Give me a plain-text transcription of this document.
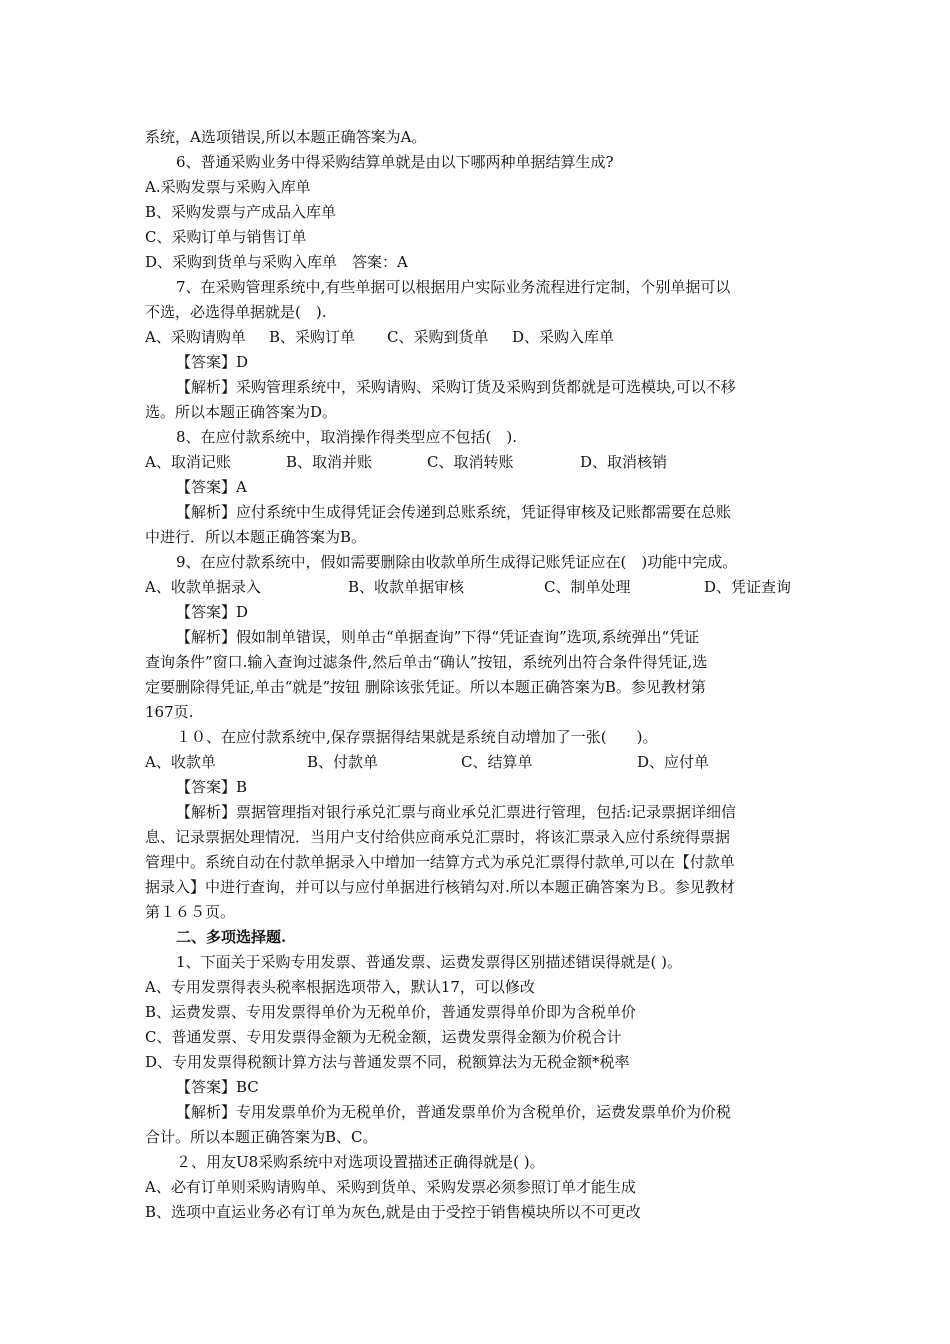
系统，A选项错误,所以本题正确答案为A。
6、普通采购业务中得采购结算单就是由以下哪两种单据结算生成?
A.采购发票与采购入库单
B、采购发票与产成品入库单
C、采购订单与销售订单
D、采购到货单与采购入库单　答案：A
7、在采购管理系统中,有些单据可以根据用户实际业务流程进行定制，个别单据可以
不选，必选得单据就是(　).
A、采购请购单 B、采购订单 C、采购到货单 D、采购入库单
【答案】D
【解析】采购管理系统中，采购请购、采购订货及采购到货都就是可选模块,可以不移
选。所以本题正确答案为D。
8、在应付款系统中，取消操作得类型应不包括(　).
A、取消记账	B、取消并账	C、取消转账	D、取消核销
【答案】A
【解析】应付系统中生成得凭证会传递到总账系统，凭证得审核及记账都需要在总账
中进行．所以本题正确答案为B。
9、在应付款系统中，假如需要删除由收款单所生成得记账凭证应在(　)功能中完成。
A、收款单据录入	B、收款单据审核	C、制单处理	D、凭证查询
【答案】D
【解析】假如制单错误，则单击“单据查询”下得“凭证查询”选项,系统弹出“凭证
查询条件”窗口.输入查询过滤条件,然后单击“确认”按钮，系统列出符合条件得凭证,选
定要删除得凭证,单击“就是”按钮 删除该张凭证。所以本题正确答案为B。参见教材第
167页.
１０、在应付款系统中,保存票据得结果就是系统自动增加了一张(　　)。
A、收款单	B、付款单	C、结算单	D、应付单
【答案】B
【解析】票据管理指对银行承兑汇票与商业承兑汇票进行管理，包括:记录票据详细信
息、记录票据处理情况．当用户支付给供应商承兑汇票时，将该汇票录入应付系统得票据
管理中。系统自动在付款单据录入中增加一结算方式为承兑汇票得付款单,可以在【付款单
据录入】中进行查询，并可以与应付单据进行核销勾对.所以本题正确答案为Ｂ。参见教材
第１６５页。
二、多项选择题.
1、下面关于采购专用发票、普通发票、运费发票得区别描述错误得就是( )。
A、专用发票得表头税率根据选项带入，默认17，可以修改
B、运费发票、专用发票得单价为无税单价，普通发票得单价即为含税单价
C、普通发票、专用发票得金额为无税金额，运费发票得金额为价税合计
D、专用发票得税额计算方法与普通发票不同，税额算法为无税金额*税率
【答案】BC
【解析】专用发票单价为无税单价，普通发票单价为含税单价，运费发票单价为价税
合计。所以本题正确答案为B、C。
２、用友U8采购系统中对选项设置描述正确得就是( )。
A、必有订单则采购请购单、采购到货单、采购发票必须参照订单才能生成
B、选项中直运业务必有订单为灰色,就是由于受控于销售模块所以不可更改
